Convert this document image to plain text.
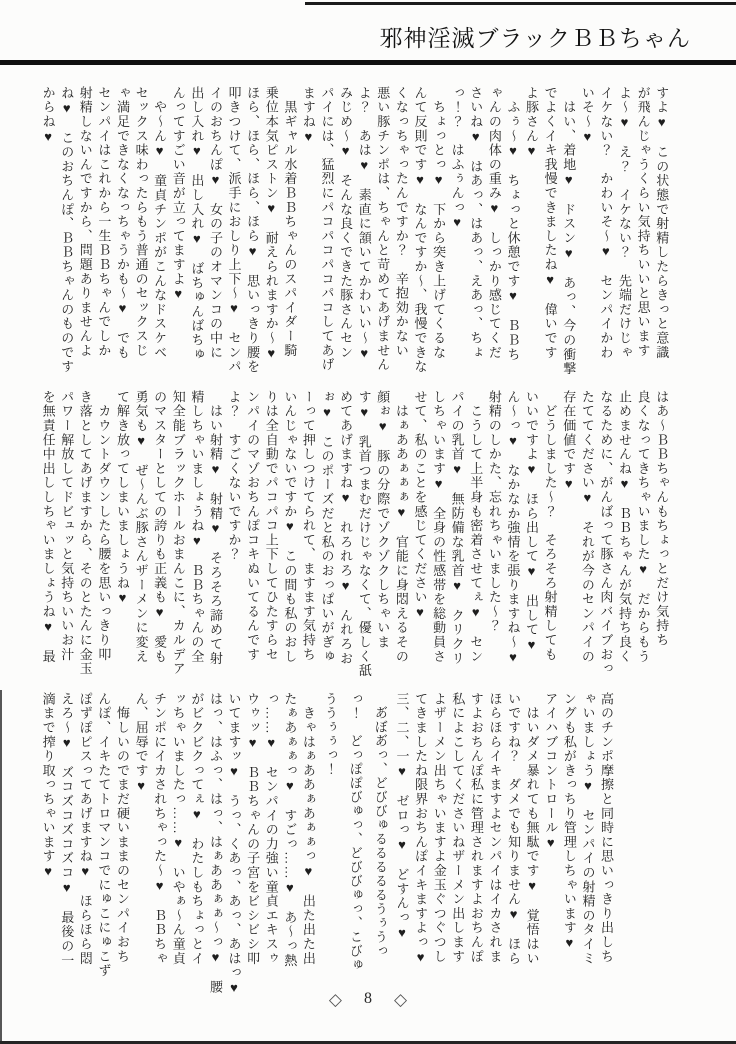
邪神淫滅ブラックＢＢちゃん
すよ♥　この状態で射精したらきっと意識
が飛んじゃうくらい気持ちいいと思います
よ～♥　え？　イケない？　先端だけじゃ
イケない？　かわいそ～♥　センパイかわ
いそ～♥
　はい、着地♥　ドスン♥　あっ、今の衝撃
でよくイキ我慢できましたね♥　偉いです
よ豚さん♥
　ふぅ～♥　ちょっと休憩です♥　ＢＢち
ゃんの肉体の重み♥　しっかり感じてくだ
さいね♥　はあっ、はあっ、えあっ、ちょ
っ！？　はふぅんっ♥
　ちょっとっ♥　下から突き上げてくるな
んて反則です♥　なんですか～、我慢できな
くなっちゃったんですか？　辛抱効かない
悪い豚チンポは、ちゃんと苛めてあげません
よ？　あは♥　素直に頷いてかわいい～♥
みじめ～♥　そんな良くできた豚さんセン
パイには、猛烈にパコパコパコパコしてあげ
ますね♥
　黒ギャル水着ＢＢちゃんのスパイダー騎
乗位本気ピストン♥　耐えられますか～♥
ほら、ほら、ほら、ほら♥　思いっきり腰を
叩きつけて、派手におしり上下～♥　センパ
イのおちんぽ♥　女の子のオマンコの中に
出し入れ♥　出し入れ♥　ばちゅんばちゅ
んってすごい音が立ってますよ♥
　や～ん♥　童貞チンポがこんなドスケベ
セックス味わったらもう普通のセックスじ
ゃ満足できなくなっちゃうかも～♥　でも
センパイはこれから一生ＢＢちゃんでしか
射精しないんですから、問題ありませんよ
ね♥　このおちんぽ、ＢＢちゃんのものです
からね♥
はあ～ＢＢちゃんもちょっとだけ気持ち
良くなってきちゃいました♥　だからもう
止めませんね♥　ＢＢちゃんが気持ち良く
なるために、がんばって豚さん肉バイブおっ
たててください♥　それが今のセンパイの
存在価値です♥
　どうしました～？　そろそろ射精しても
いいですよ♥　ほら出して♥　出して♥
ん～っ♥　なかなか強情を張りますね～♥
射精のしかた、忘れちゃいました～？
　こうして上半身も密着させてぇ♥　セン
パイの乳首♥　無防備な乳首♥　クリクリ
しちゃいます♥　全身の性感帯を総動員さ
せて、私のことを感じてください♥
　はぁああぁぁぁ♥　官能に身悶えるその
顔ぉ♥　豚の分際でゾクゾクしちゃいま
す♥　乳首つまむだけじゃなくて、優しく舐
めてあげますね♥　れろれろ♥　んれろお
ぉ♥　このポーズだと私のおっぱいがぎゅ
ーって押しつけてられて、ますます気持ち
いんじゃないですか♥　この間も私のおし
りは全自動でパコパコ上下してひたすらセ
ンパイのマゾおちんぽコキぬいてるんです
よ？　すごくないですか？
　はい射精♥　射精♥　そろそろ諦めて射
精しちゃいましょうね♥　ＢＢちゃんの全
知全能ブラックホールおまんこに、カルデア
のマスターとしての誇りも正義も♥　愛も
勇気も♥　ぜ～んぶ豚さんザーメンに変え
て解き放ってしまいましょうね♥
　カウントダウンしたら腰を思いっきり叩
き落としてあげますから、そのとたんに金玉
パワー解放してドビュッと気持ちいいお汁
を無責任中出ししちゃいましょうね♥　最
高のチンポ摩擦と同時に思いっきり出しち
ゃいましょう♥　センパイの射精のタイミ
ングも私がきっちり管理しちゃいます♥
アイハブコントロール♥
　はいダメ暴れても無駄です♥　覚悟はい
いですね？　ダメでも知りません♥　ほら
ほらほらイキますよセンパイはイカされま
すよおちんぽ私に管理されますよおちんぽ
私によこしてくださいねザーメン出します
よザーメン出ちゃいますよ金玉ぐつぐつし
てきましたね限界おちんぽイキますよっ♥
三、二、一♥　ゼロっ♥　どすんっ♥
　あ゙ぼあ゙っ、どびびゅるるるるるうぅうっ
っ！　どっぽぽびゅっ、どびびゅっ、こびゅ
ううぅぅっ！
　きゃはぁああぁあぁぁっ♥　出た出た出
たぁあぁぁっ♥　すごっ……♥　あ～っ熱
っ……♥　センパイの力強い童貞エキスゥ
ウゥッ♥　ＢＢちゃんの子宮をビシビシ叩
いてますッ♥　うっ、くあっ、あっ、あはっ♥
はっ、はふっ、はっ、はぁああぁぁ～っ♥　腰
がビクビクってぇ♥　わたしもちょっとイ
ッちゃいましたっ……♥　いやぁ～ん童貞
チンポにイカされちゃった～♥　ＢＢちゃ
ん、屈辱です♥
　悔しいのでまだ硬いままのセンパイおち
んぽ、イキたてトロマンコでにゅこにゅこず
ぽずぽピスってあげますね♥　ほらほら悶
えろ～♥　ズコズコズコズコ♥　最後の一
滴まで搾り取っちゃいます♥
◇ 8 ◇
